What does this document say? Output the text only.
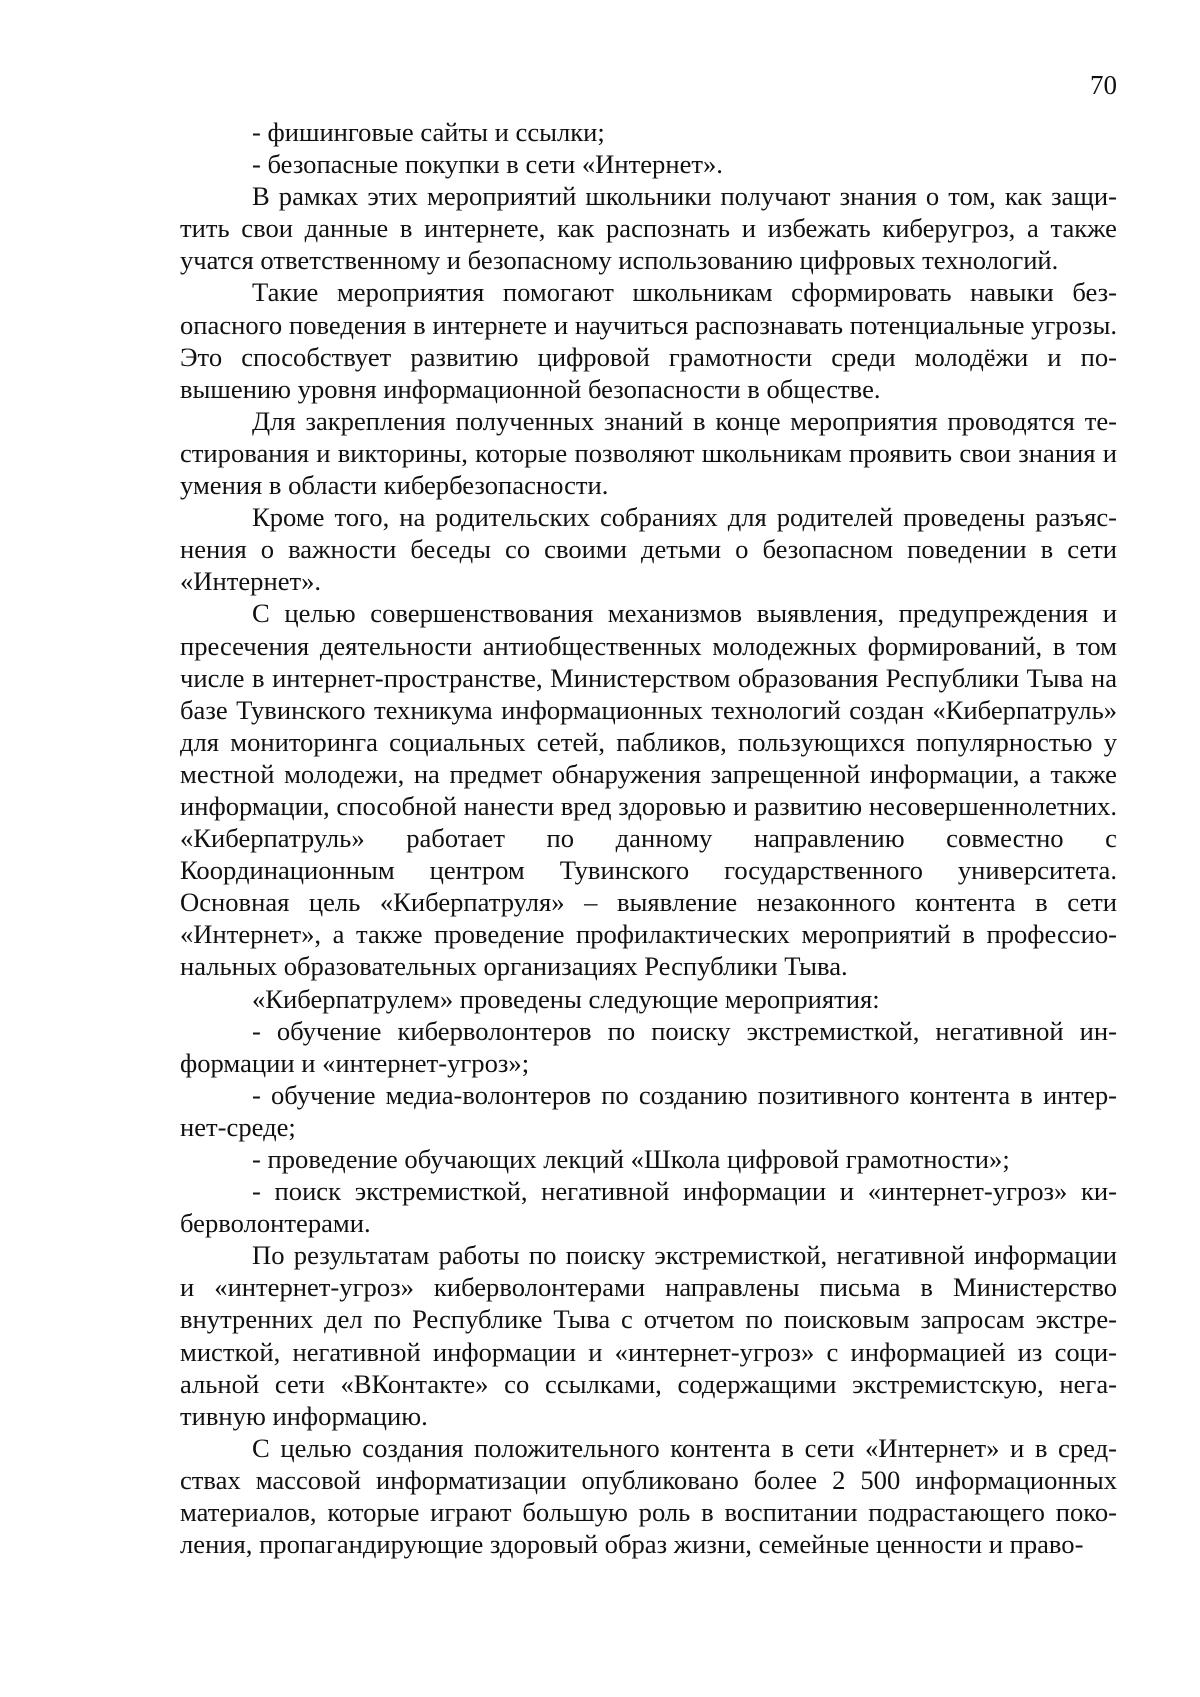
70

- фишинговые сайты и ссылки;

- безопасные покупки в сети «Интернет».

В рамках этих мероприятий школьники получают знания о том, как защитить свои данные в интернете, как распознать и избежать киберугроз, а также учатся ответственному и безопасному использованию цифровых технологий.

Такие мероприятия помогают школьникам сформировать навыки безопасного поведения в интернете и научиться распознавать потенциальные угрозы. Это способствует развитию цифровой грамотности среди молодёжи и повышению уровня информационной безопасности в обществе.

Для закрепления полученных знаний в конце мероприятия проводятся тестирования и викторины, которые позволяют школьникам проявить свои знания и умения в области кибербезопасности.

Кроме того, на родительских собраниях для родителей проведены разъяснения о важности беседы со своими детьми о безопасном поведении в сети «Интернет».

С целью совершенствования механизмов выявления, предупреждения и пресечения деятельности антиобщественных молодежных формирований, в том числе в интернет-пространстве, Министерством образования Республики Тыва на базе Тувинского техникума информационных технологий создан «Киберпатруль» для мониторинга социальных сетей, пабликов, пользующихся популярностью у местной молодежи, на предмет обнаружения запрещенной информации, а также информации, способной нанести вред здоровью и развитию несовершеннолетних. «Киберпатруль» работает по данному направлению совместно с Координационным центром Тувинского государственного университета. Основная цель «Киберпатруля» – выявление незаконного контента в сети «Интернет», а также проведение профилактических мероприятий в профессиональных образовательных организациях Республики Тыва.

«Киберпатрулем» проведены следующие мероприятия:

- обучение киберволонтеров по поиску экстремисткой, негативной информации и «интернет-угроз»;

- обучение медиа-волонтеров по созданию позитивного контента в интернет-среде;

- проведение обучающих лекций «Школа цифровой грамотности»;

- поиск экстремисткой, негативной информации и «интернет-угроз» киберволонтерами.

По результатам работы по поиску экстремисткой, негативной информации и «интернет-угроз» киберволонтерами направлены письма в Министерство внутренних дел по Республике Тыва с отчетом по поисковым запросам экстремисткой, негативной информации и «интернет-угроз» с информацией из социальной сети «ВКонтакте» со ссылками, содержащими экстремистскую, негативную информацию.

С целью создания положительного контента в сети «Интернет» и в средствах массовой информатизации опубликовано более 2 500 информационных материалов, которые играют большую роль в воспитании подрастающего поколения, пропагандирующие здоровый образ жизни, семейные ценности и право-
